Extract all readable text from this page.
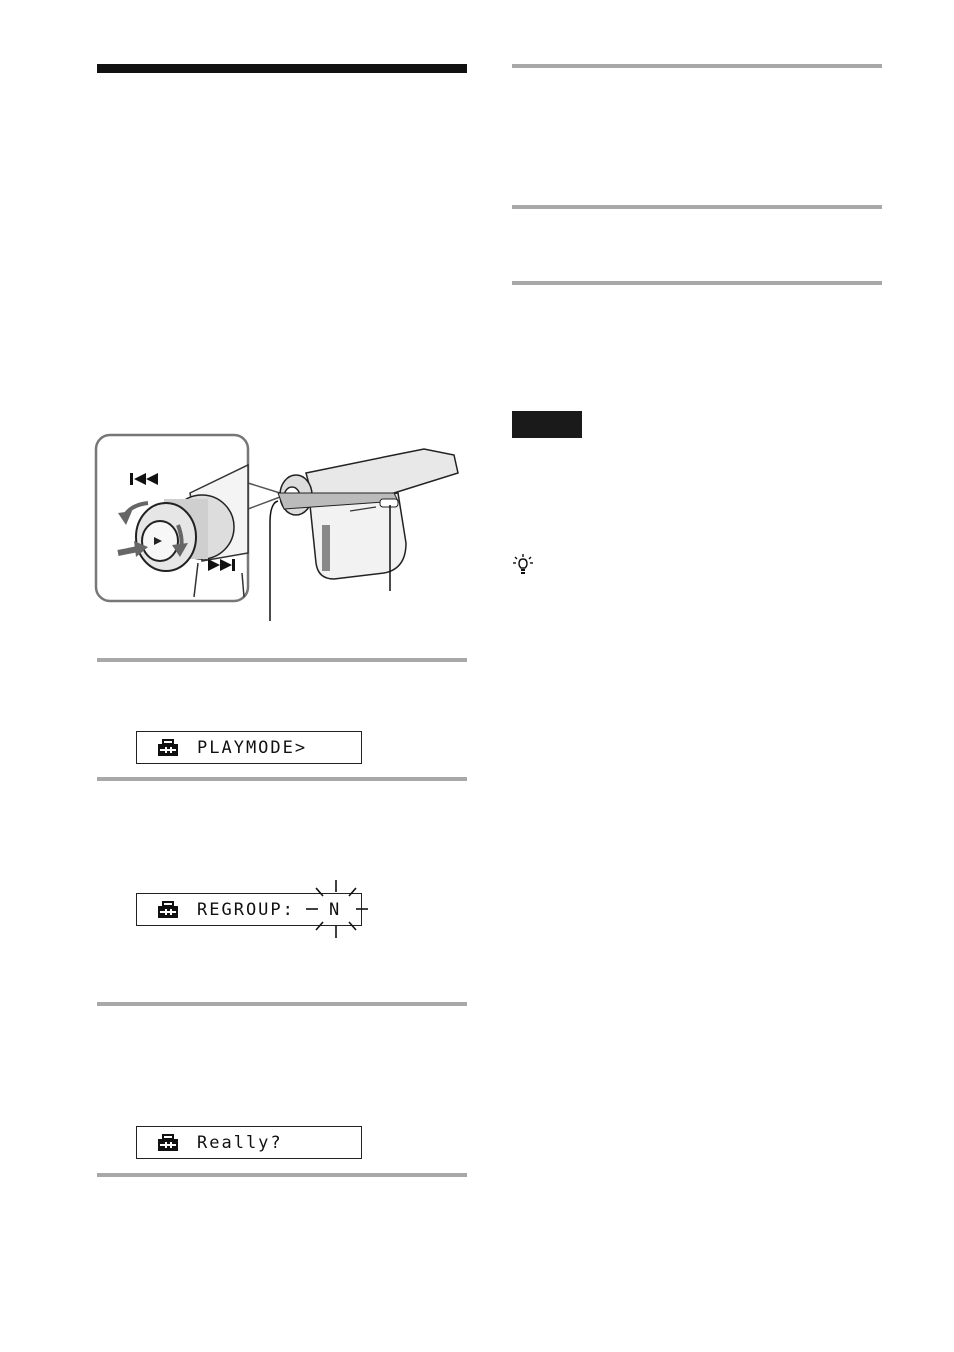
PLAYMODE>
REGROUP: N
Really?
